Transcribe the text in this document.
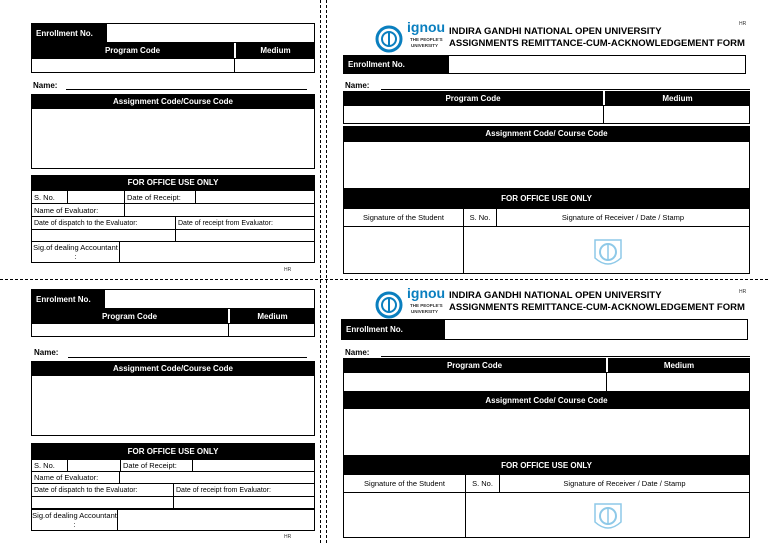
Enrollment No.
Program Code	Medium
Name:
Assignment Code/Course Code
FOR OFFICE USE ONLY
S. No.	Date of Receipt:
Name of Evaluator:
Date of dispatch to the Evaluator:	Date of receipt from Evaluator:
Sig.of dealing Accountant :
HR
Enrolment No.
Program Code	Medium
Name:
Assignment Code/Course Code
FOR OFFICE USE ONLY
S. No.	Date of Receipt:
Name of Evaluator:
Date of dispatch to the Evaluator:	Date of receipt from Evaluator:
Sig.of dealing Accountant :
HR
ignou
THE PEOPLE'S
UNIVERSITY
INDIRA GANDHI NATIONAL OPEN UNIVERSITY
ASSIGNMENTS REMITTANCE-CUM-ACKNOWLEDGEMENT FORM
HR
Enrollment No.
Name:
Program Code	Medium
Assignment Code/ Course Code
FOR OFFICE USE ONLY
Signature of the Student	S. No.	Signature of Receiver / Date / Stamp
ignou
THE PEOPLE'S
UNIVERSITY
INDIRA GANDHI NATIONAL OPEN UNIVERSITY
ASSIGNMENTS REMITTANCE-CUM-ACKNOWLEDGEMENT FORM
HR
Enrollment No.
Name:
Program Code	Medium
Assignment Code/ Course Code
FOR OFFICE USE ONLY
Signature of the Student	S. No.	Signature of Receiver / Date / Stamp
